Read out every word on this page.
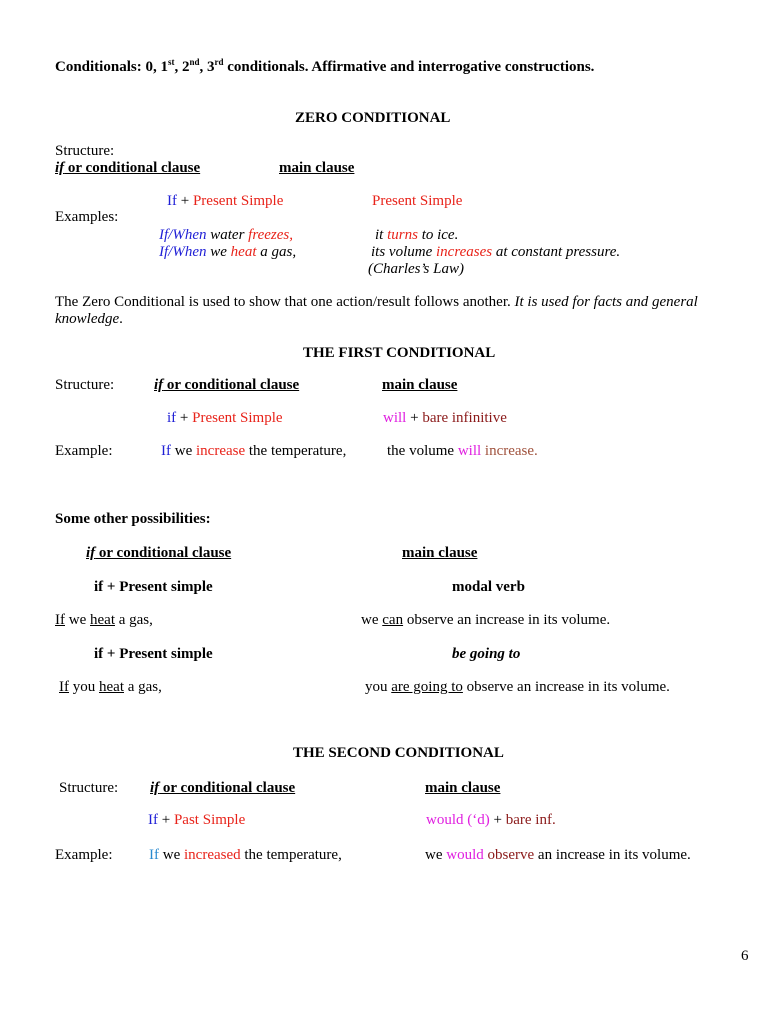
Conditionals: 0, 1st, 2nd, 3rd conditionals. Affirmative and interrogative constructions.
ZERO CONDITIONAL
Structure:
if or conditional clause	main clause
If + Present Simple	Present Simple
Examples:
If/When water freezes,	it turns to ice.
If/When we heat a gas,	its volume increases at constant pressure.
(Charles’s Law)
The Zero Conditional is used to show that one action/result follows another. It is used for facts and general
knowledge.
THE FIRST CONDITIONAL
Structure:	if or conditional clause	main clause
if + Present Simple	will + bare infinitive
Example:	If we increase the temperature,	the volume will increase.
Some other possibilities:
if or conditional clause	main clause
if + Present simple	modal verb
If we heat a gas,	we can observe an increase in its volume.
if + Present simple	be going to
If you heat a gas,	you are going to observe an increase in its volume.
THE SECOND CONDITIONAL
Structure: if or conditional clause	main clause
If + Past Simple	would (‘d) + bare inf.
Example: If we increased the temperature,	we would observe an increase in its volume.
6
